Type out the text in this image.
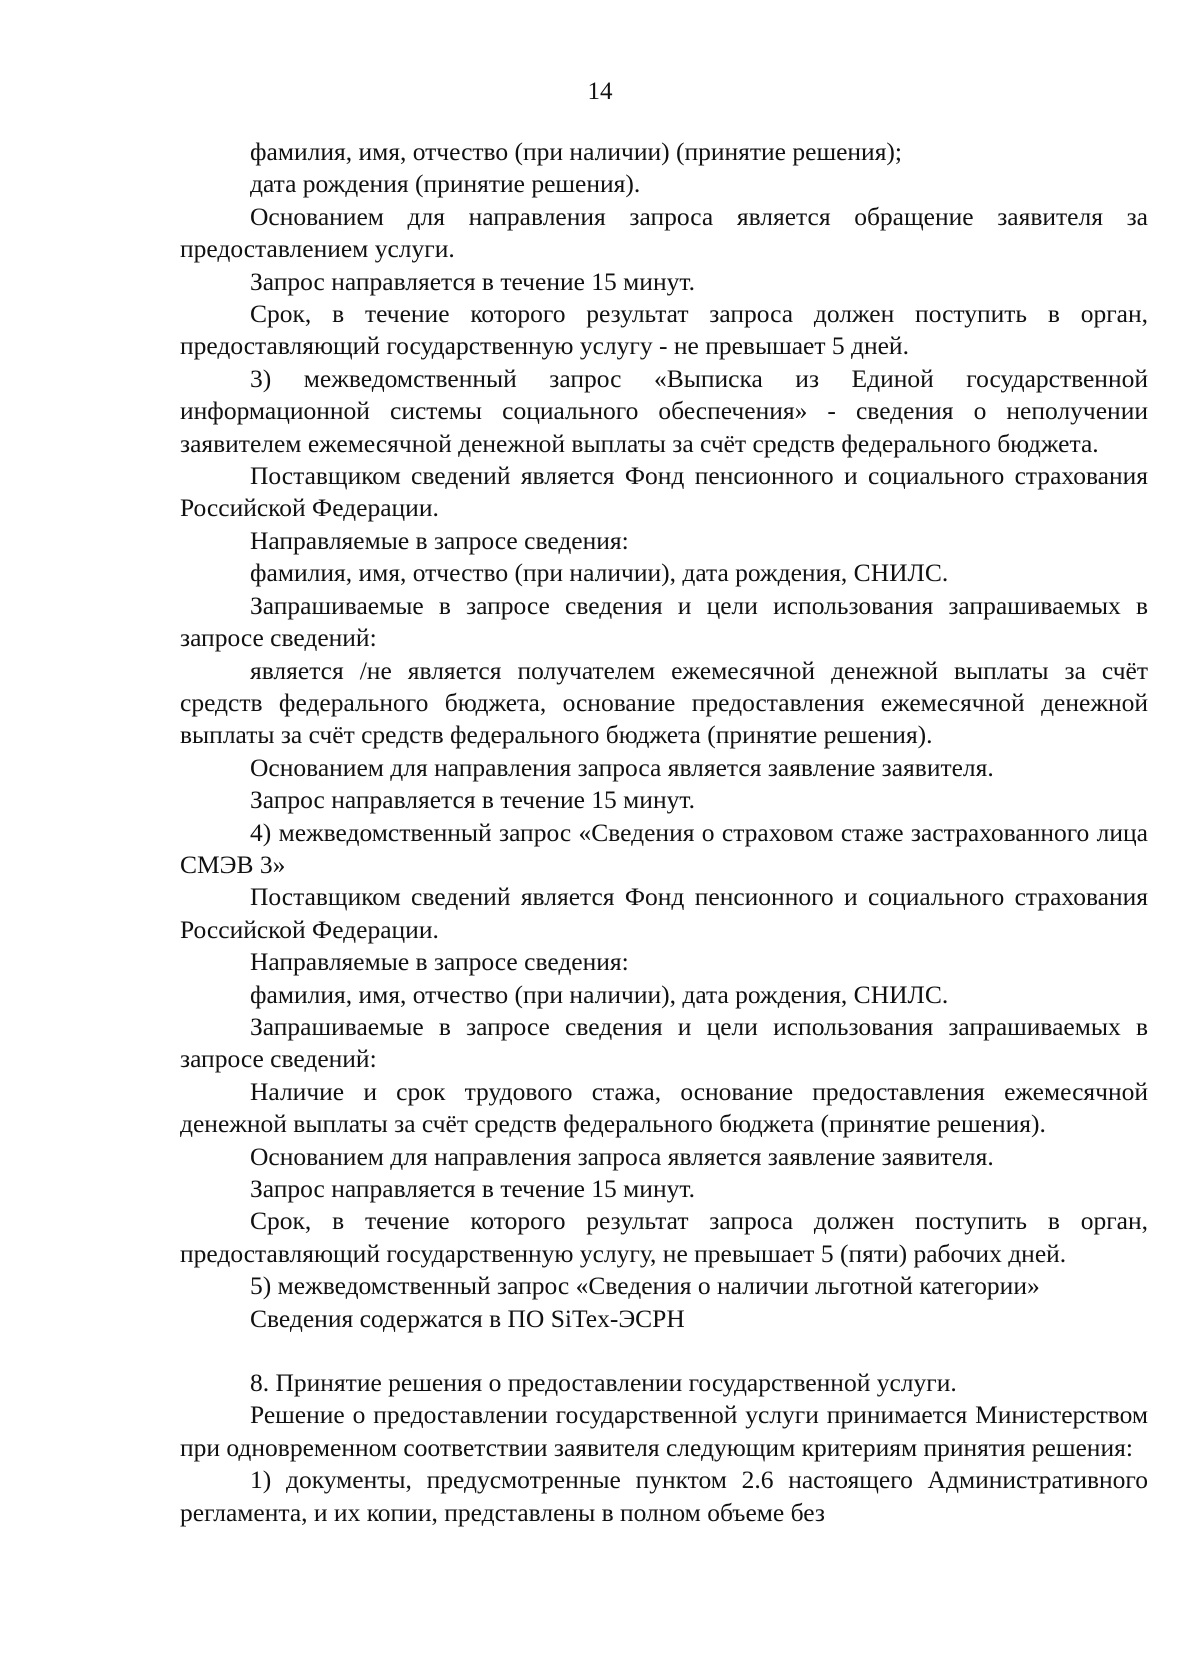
14

фамилия, имя, отчество (при наличии) (принятие решения);

дата рождения (принятие решения).

Основанием для направления запроса является обращение заявителя за предоставлением услуги.

Запрос направляется в течение 15 минут.

Срок, в течение которого результат запроса должен поступить в орган, предоставляющий государственную услугу - не превышает 5 дней.

3) межведомственный запрос «Выписка из Единой государственной информационной системы социального обеспечения» - сведения о неполучении заявителем ежемесячной денежной выплаты за счёт средств федерального бюджета.

Поставщиком сведений является Фонд пенсионного и социального страхования Российской Федерации.

Направляемые в запросе сведения:

фамилия, имя, отчество (при наличии), дата рождения, СНИЛС.

Запрашиваемые в запросе сведения и цели использования запрашиваемых в запросе сведений:

является /не является получателем ежемесячной денежной выплаты за счёт средств федерального бюджета, основание предоставления ежемесячной денежной выплаты за счёт средств федерального бюджета (принятие решения).

Основанием для направления запроса является заявление заявителя.

Запрос направляется в течение 15 минут.

4) межведомственный запрос «Сведения о страховом стаже застрахованного лица СМЭВ 3»

Поставщиком сведений является Фонд пенсионного и социального страхования Российской Федерации.

Направляемые в запросе сведения:

фамилия, имя, отчество (при наличии), дата рождения, СНИЛС.

Запрашиваемые в запросе сведения и цели использования запрашиваемых в запросе сведений:

Наличие и срок трудового стажа, основание предоставления ежемесячной денежной выплаты за счёт средств федерального бюджета (принятие решения).

Основанием для направления запроса является заявление заявителя.

Запрос направляется в течение 15 минут.

Срок, в течение которого результат запроса должен поступить в орган, предоставляющий государственную услугу, не превышает 5 (пяти) рабочих дней.

5) межведомственный запрос «Сведения о наличии льготной категории»

Сведения содержатся в ПО SiTex-ЭСРН

8. Принятие решения о предоставлении государственной услуги.

Решение о предоставлении государственной услуги принимается Министерством при одновременном соответствии заявителя следующим критериям принятия решения:

1) документы, предусмотренные пунктом 2.6 настоящего Административного регламента, и их копии, представлены в полном объеме без
